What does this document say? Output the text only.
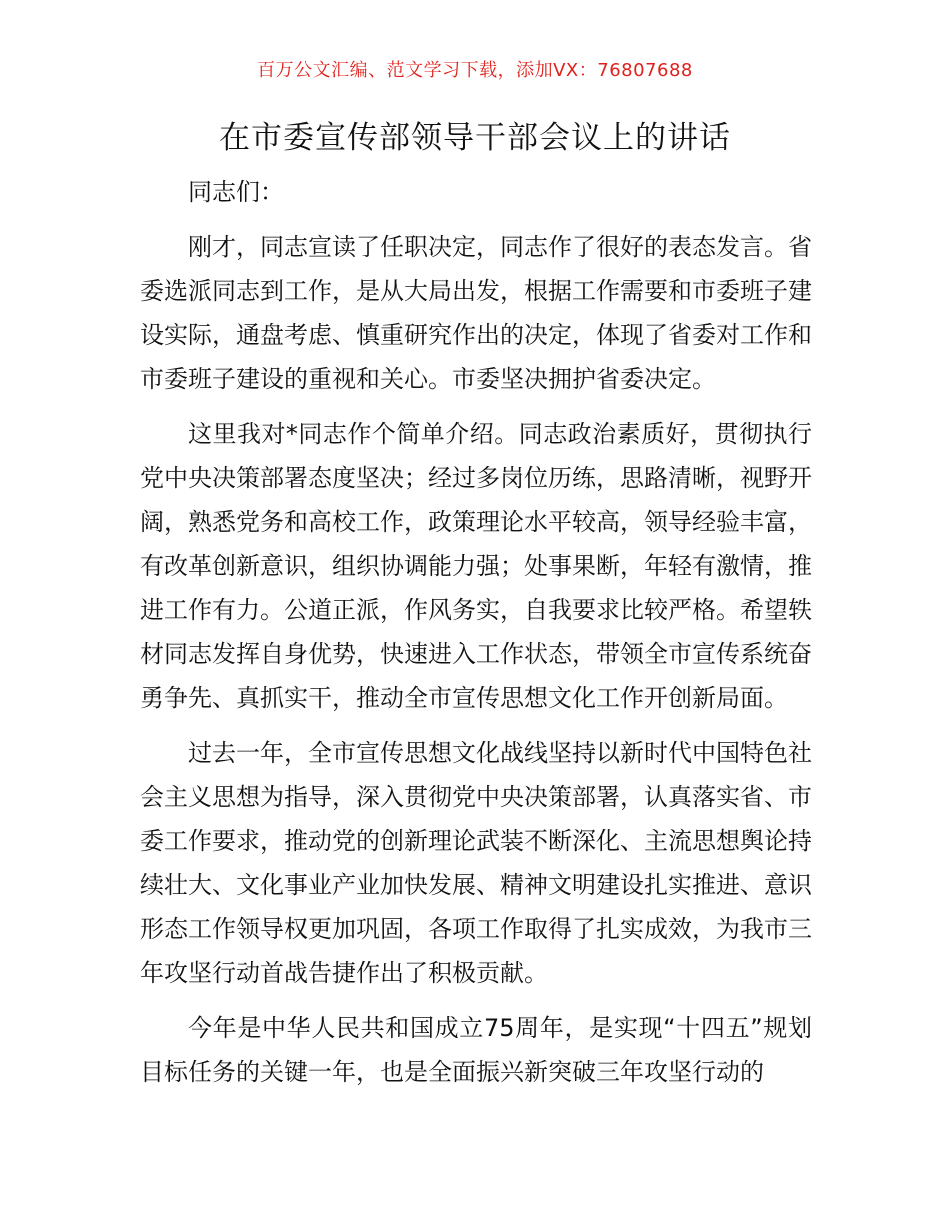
百万公文汇编、范文学习下载，添加VX：76807688
在市委宣传部领导干部会议上的讲话

同志们：

刚才，同志宣读了任职决定，同志作了很好的表态发言。省委选派同志到工作，是从大局出发，根据工作需要和市委班子建设实际，通盘考虑、慎重研究作出的决定，体现了省委对工作和市委班子建设的重视和关心。市委坚决拥护省委决定。

这里我对*同志作个简单介绍。同志政治素质好，贯彻执行党中央决策部署态度坚决；经过多岗位历练，思路清晰，视野开阔，熟悉党务和高校工作，政策理论水平较高，领导经验丰富，有改革创新意识，组织协调能力强；处事果断，年轻有激情，推进工作有力。公道正派，作风务实，自我要求比较严格。希望轶材同志发挥自身优势，快速进入工作状态，带领全市宣传系统奋勇争先、真抓实干，推动全市宣传思想文化工作开创新局面。

过去一年，全市宣传思想文化战线坚持以新时代中国特色社会主义思想为指导，深入贯彻党中央决策部署，认真落实省、市委工作要求，推动党的创新理论武装不断深化、主流思想舆论持续壮大、文化事业产业加快发展、精神文明建设扎实推进、意识形态工作领导权更加巩固，各项工作取得了扎实成效，为我市三年攻坚行动首战告捷作出了积极贡献。

今年是中华人民共和国成立75周年，是实现“十四五”规划目标任务的关键一年，也是全面振兴新突破三年攻坚行动的
